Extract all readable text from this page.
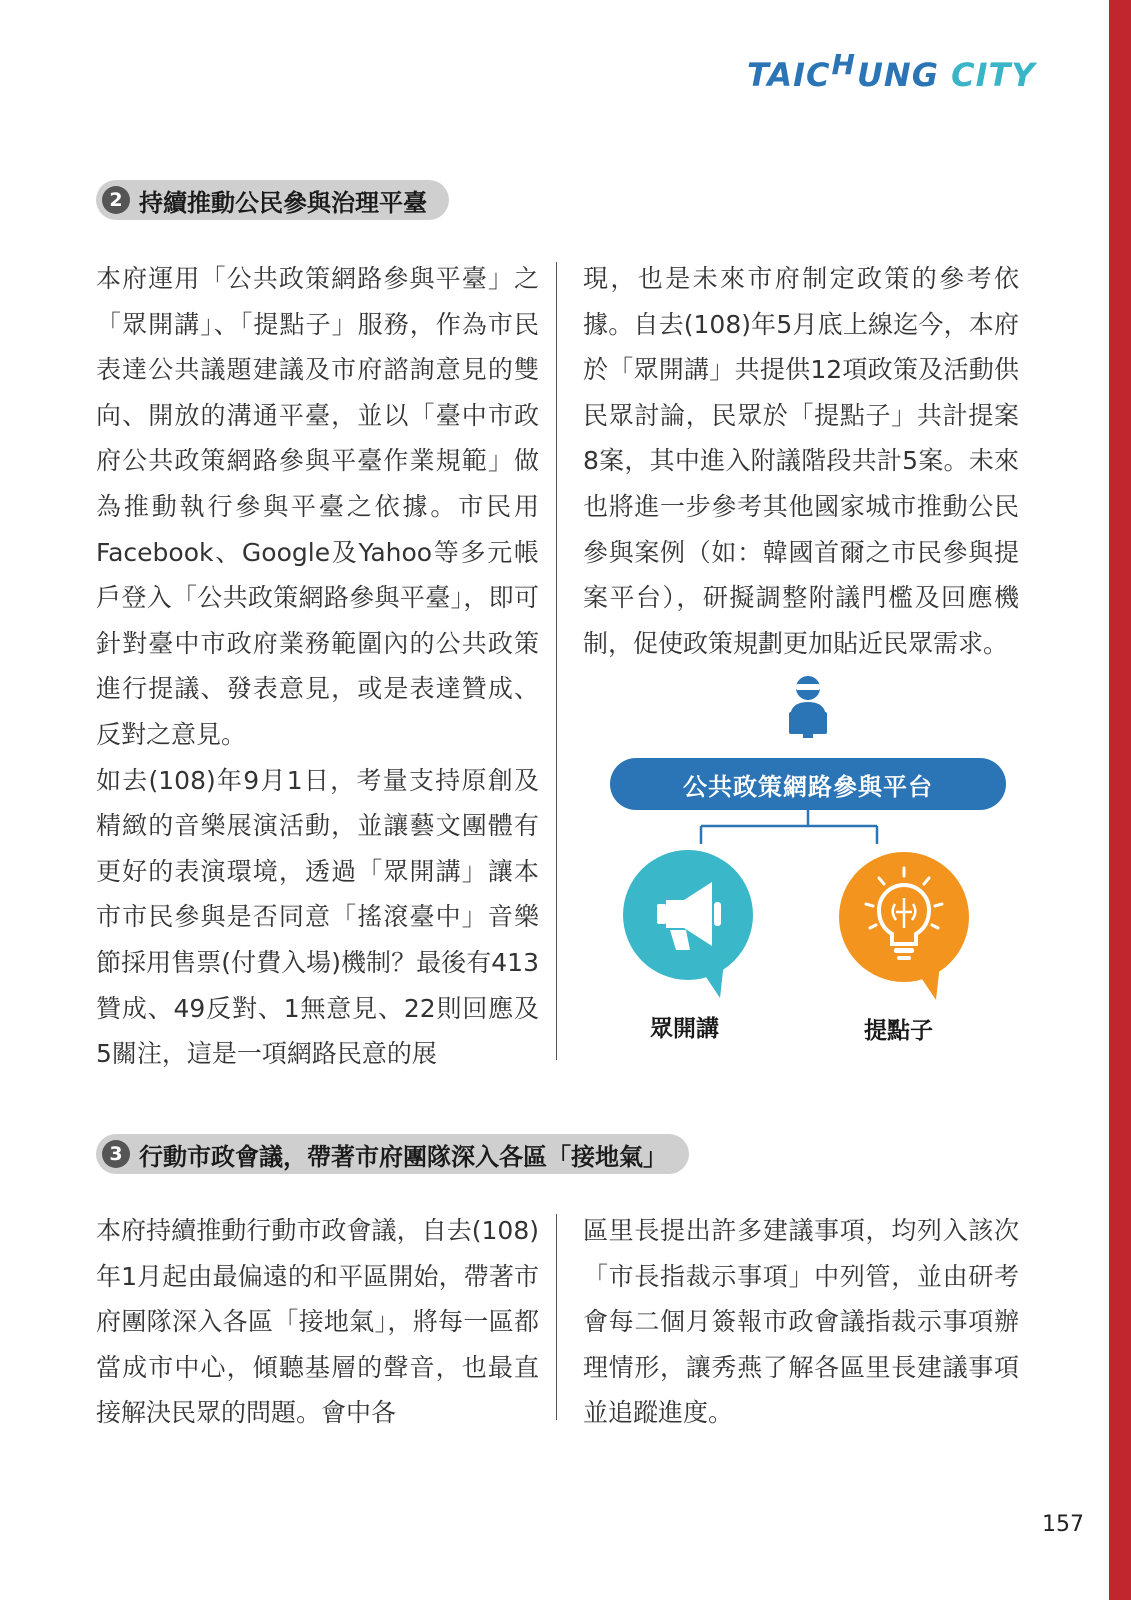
TAICHUNG CITY
2 持續推動公民參與治理平臺

本府運用「公共政策網路參與平臺」之「眾開講」、「提點子」服務，作為市民表達公共議題建議及市府諮詢意見的雙向、開放的溝通平臺，並以「臺中市政府公共政策網路參與平臺作業規範」做為推動執行參與平臺之依據。市民用Facebook、Google及Yahoo等多元帳戶登入「公共政策網路參與平臺」，即可針對臺中市政府業務範圍內的公共政策進行提議、發表意見，或是表達贊成、反對之意見。

如去(108)年9月1日，考量支持原創及精緻的音樂展演活動，並讓藝文團體有更好的表演環境，透過「眾開講」讓本市市民參與是否同意「搖滾臺中」音樂節採用售票(付費入場)機制？最後有413贊成、49反對、1無意見、22則回應及5關注，這是一項網路民意的展

現，也是未來市府制定政策的參考依據。自去(108)年5月底上線迄今，本府於「眾開講」共提供12項政策及活動供民眾討論，民眾於「提點子」共計提案8案，其中進入附議階段共計5案。未來也將進一步參考其他國家城市推動公民參與案例（如：韓國首爾之市民參與提案平台），研擬調整附議門檻及回應機制，促使政策規劃更加貼近民眾需求。

公共政策網路參與平台
眾開講	提點子
3 行動市政會議，帶著市府團隊深入各區「接地氣」

本府持續推動行動市政會議，自去(108)年1月起由最偏遠的和平區開始，帶著市府團隊深入各區「接地氣」，將每一區都當成市中心，傾聽基層的聲音，也最直接解決民眾的問題。會中各

區里長提出許多建議事項，均列入該次「市長指裁示事項」中列管，並由研考會每二個月簽報市政會議指裁示事項辦理情形，讓秀燕了解各區里長建議事項並追蹤進度。

157
